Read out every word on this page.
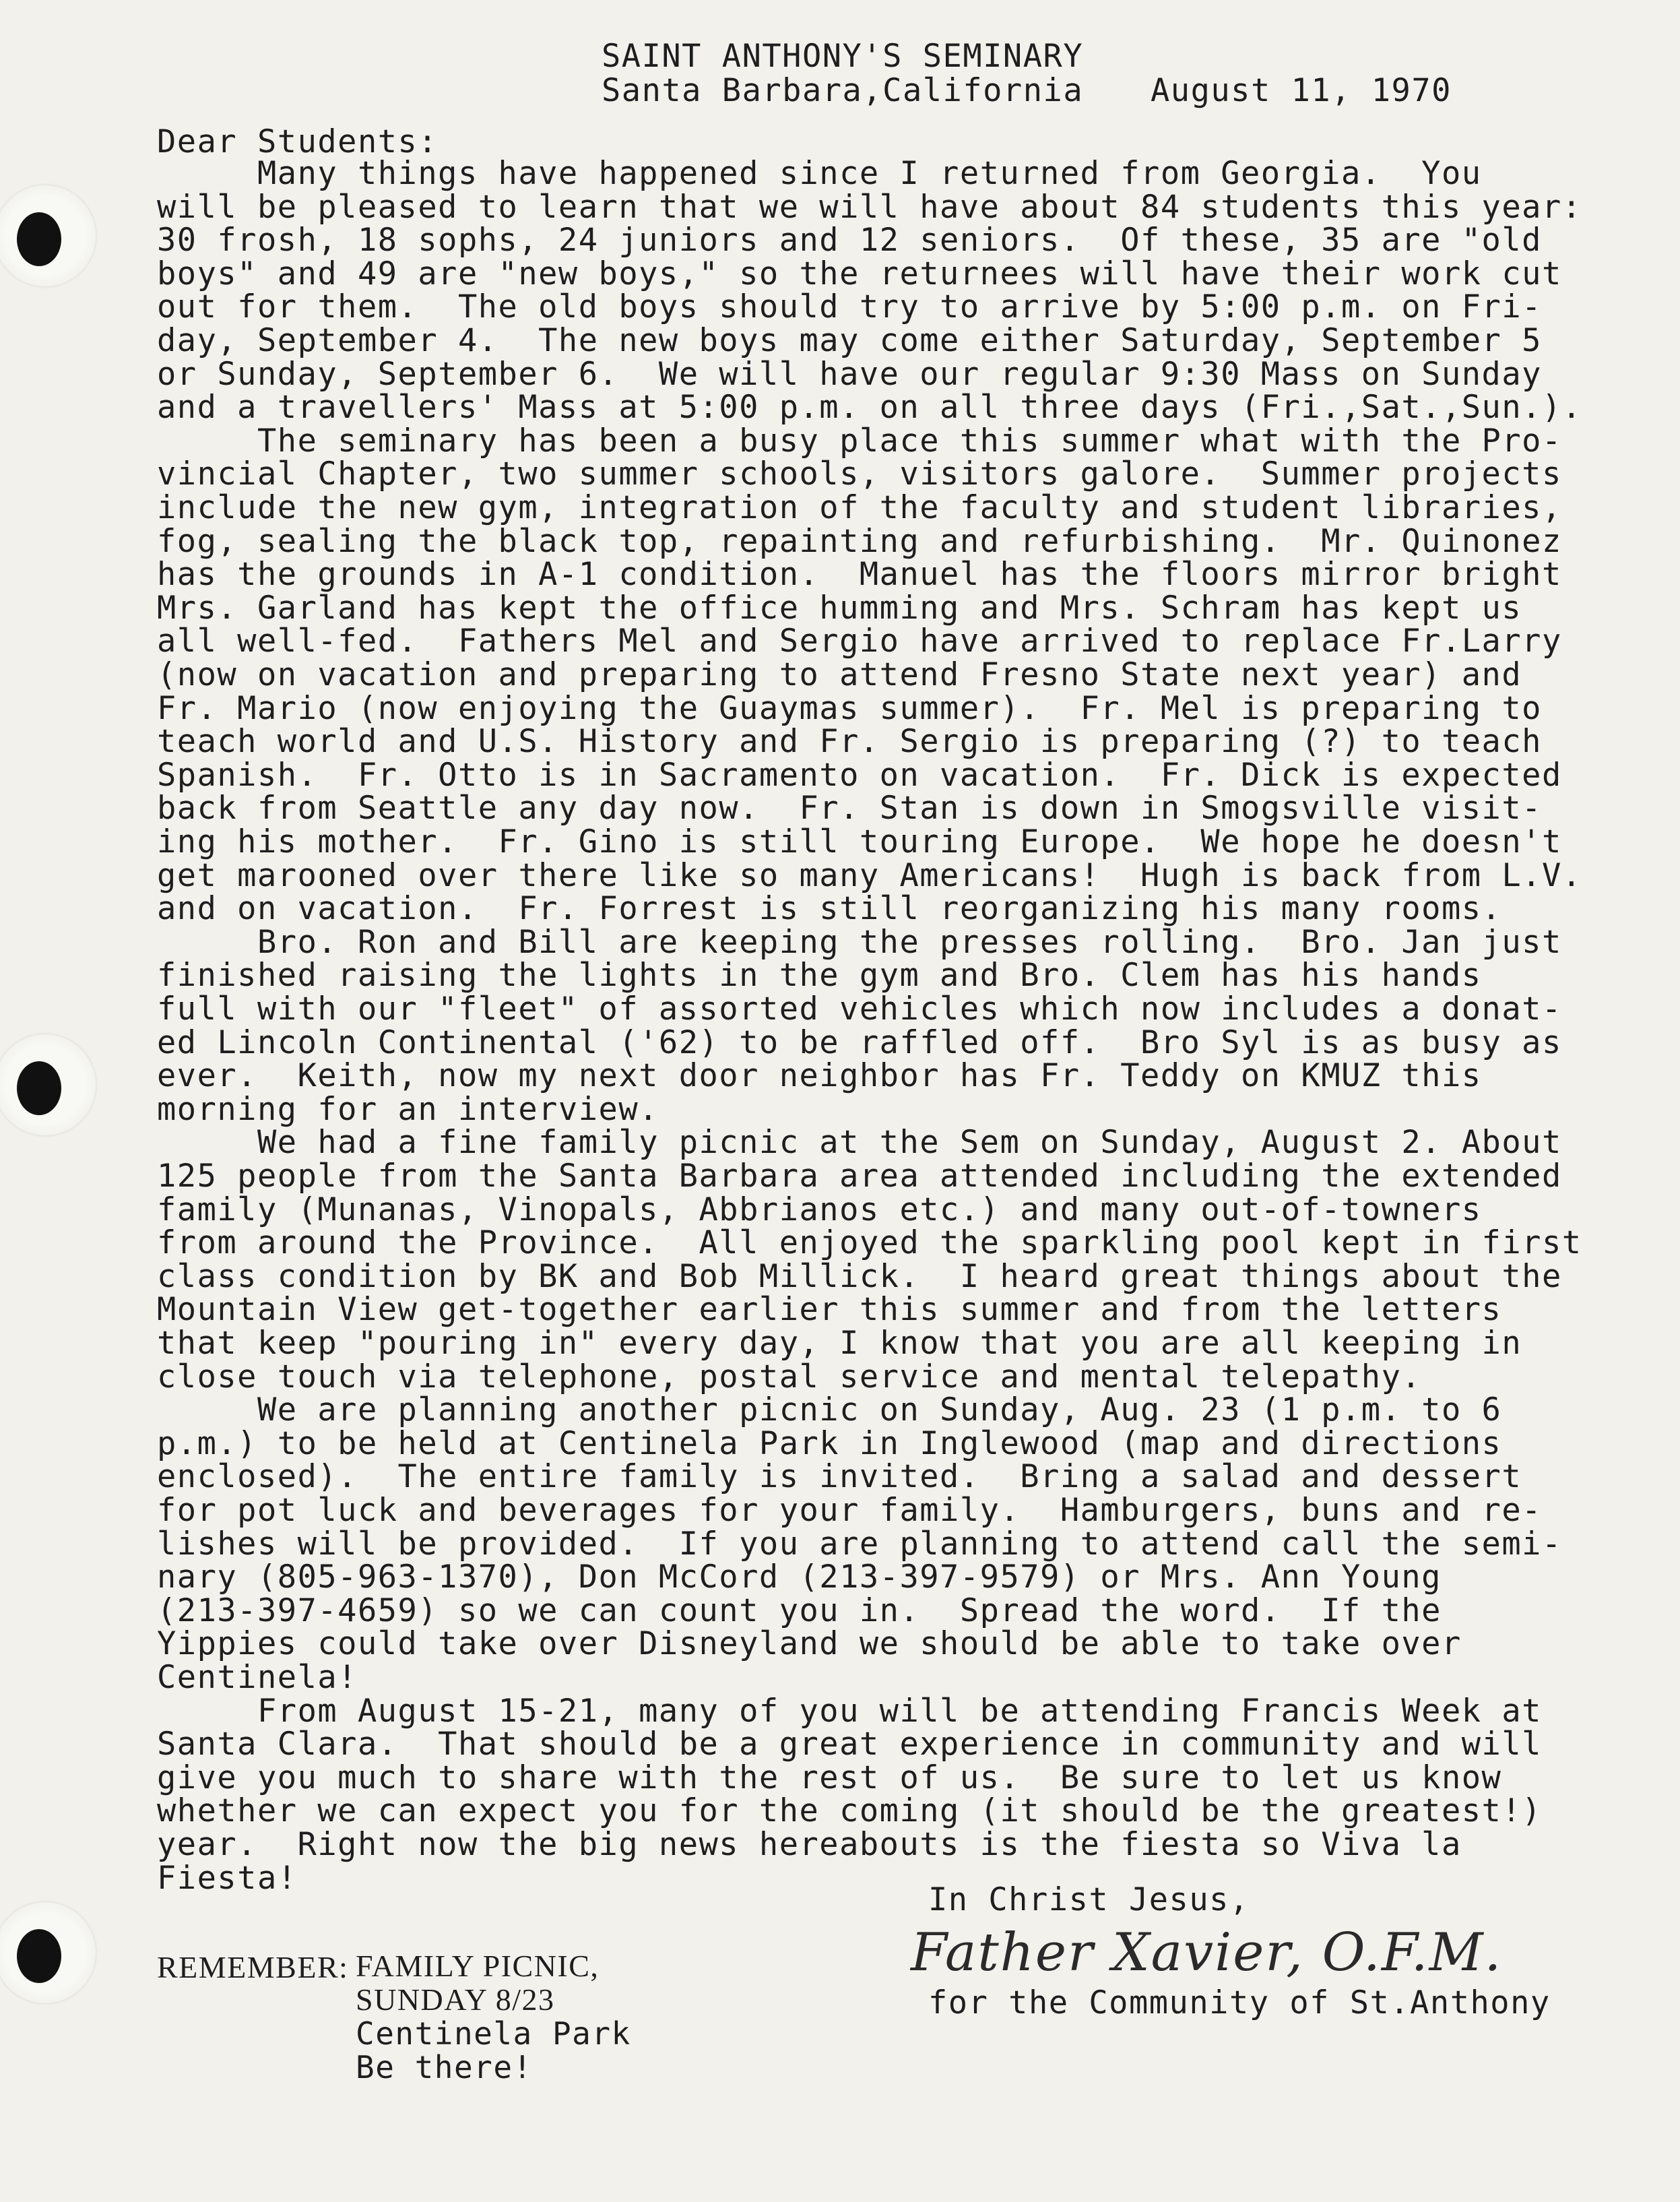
SAINT ANTHONY'S SEMINARY
Santa Barbara,California August 11, 1970
Dear Students:
Many things have happened since I returned from Georgia.  You
will be pleased to learn that we will have about 84 students this year:
30 frosh, 18 sophs, 24 juniors and 12 seniors.  Of these, 35 are "old
boys" and 49 are "new boys," so the returnees will have their work cut
out for them.  The old boys should try to arrive by 5:00 p.m. on Fri-
day, September 4.  The new boys may come either Saturday, September 5
or Sunday, September 6.  We will have our regular 9:30 Mass on Sunday
and a travellers' Mass at 5:00 p.m. on all three days (Fri.,Sat.,Sun.).
The seminary has been a busy place this summer what with the Pro-
vincial Chapter, two summer schools, visitors galore.  Summer projects
include the new gym, integration of the faculty and student libraries,
fog, sealing the black top, repainting and refurbishing.  Mr. Quinonez
has the grounds in A-1 condition.  Manuel has the floors mirror bright
Mrs. Garland has kept the office humming and Mrs. Schram has kept us
all well-fed.  Fathers Mel and Sergio have arrived to replace Fr.Larry
(now on vacation and preparing to attend Fresno State next year) and
Fr. Mario (now enjoying the Guaymas summer).  Fr. Mel is preparing to
teach world and U.S. History and Fr. Sergio is preparing (?) to teach
Spanish.  Fr. Otto is in Sacramento on vacation.  Fr. Dick is expected
back from Seattle any day now.  Fr. Stan is down in Smogsville visit-
ing his mother.  Fr. Gino is still touring Europe.  We hope he doesn't
get marooned over there like so many Americans!  Hugh is back from L.V.
and on vacation.  Fr. Forrest is still reorganizing his many rooms.
Bro. Ron and Bill are keeping the presses rolling.  Bro. Jan just
finished raising the lights in the gym and Bro. Clem has his hands
full with our "fleet" of assorted vehicles which now includes a donat-
ed Lincoln Continental ('62) to be raffled off.  Bro Syl is as busy as
ever.  Keith, now my next door neighbor has Fr. Teddy on KMUZ this
morning for an interview.
We had a fine family picnic at the Sem on Sunday, August 2. About
125 people from the Santa Barbara area attended including the extended
family (Munanas, Vinopals, Abbrianos etc.) and many out-of-towners
from around the Province.  All enjoyed the sparkling pool kept in first
class condition by BK and Bob Millick.  I heard great things about the
Mountain View get-together earlier this summer and from the letters
that keep "pouring in" every day, I know that you are all keeping in
close touch via telephone, postal service and mental telepathy.
We are planning another picnic on Sunday, Aug. 23 (1 p.m. to 6
p.m.) to be held at Centinela Park in Inglewood (map and directions
enclosed).  The entire family is invited.  Bring a salad and dessert
for pot luck and beverages for your family.  Hamburgers, buns and re-
lishes will be provided.  If you are planning to attend call the semi-
nary (805-963-1370), Don McCord (213-397-9579) or Mrs. Ann Young
(213-397-4659) so we can count you in.  Spread the word.  If the
Yippies could take over Disneyland we should be able to take over
Centinela!
From August 15-21, many of you will be attending Francis Week at
Santa Clara.  That should be a great experience in community and will
give you much to share with the rest of us.  Be sure to let us know
whether we can expect you for the coming (it should be the greatest!)
year.  Right now the big news hereabouts is the fiesta so Viva la
Fiesta!
In Christ Jesus,
Father Xavier, O.F.M.
for the Community of St.Anthony
REMEMBER: FAMILY PICNIC,
SUNDAY 8/23
Centinela Park
Be there!
